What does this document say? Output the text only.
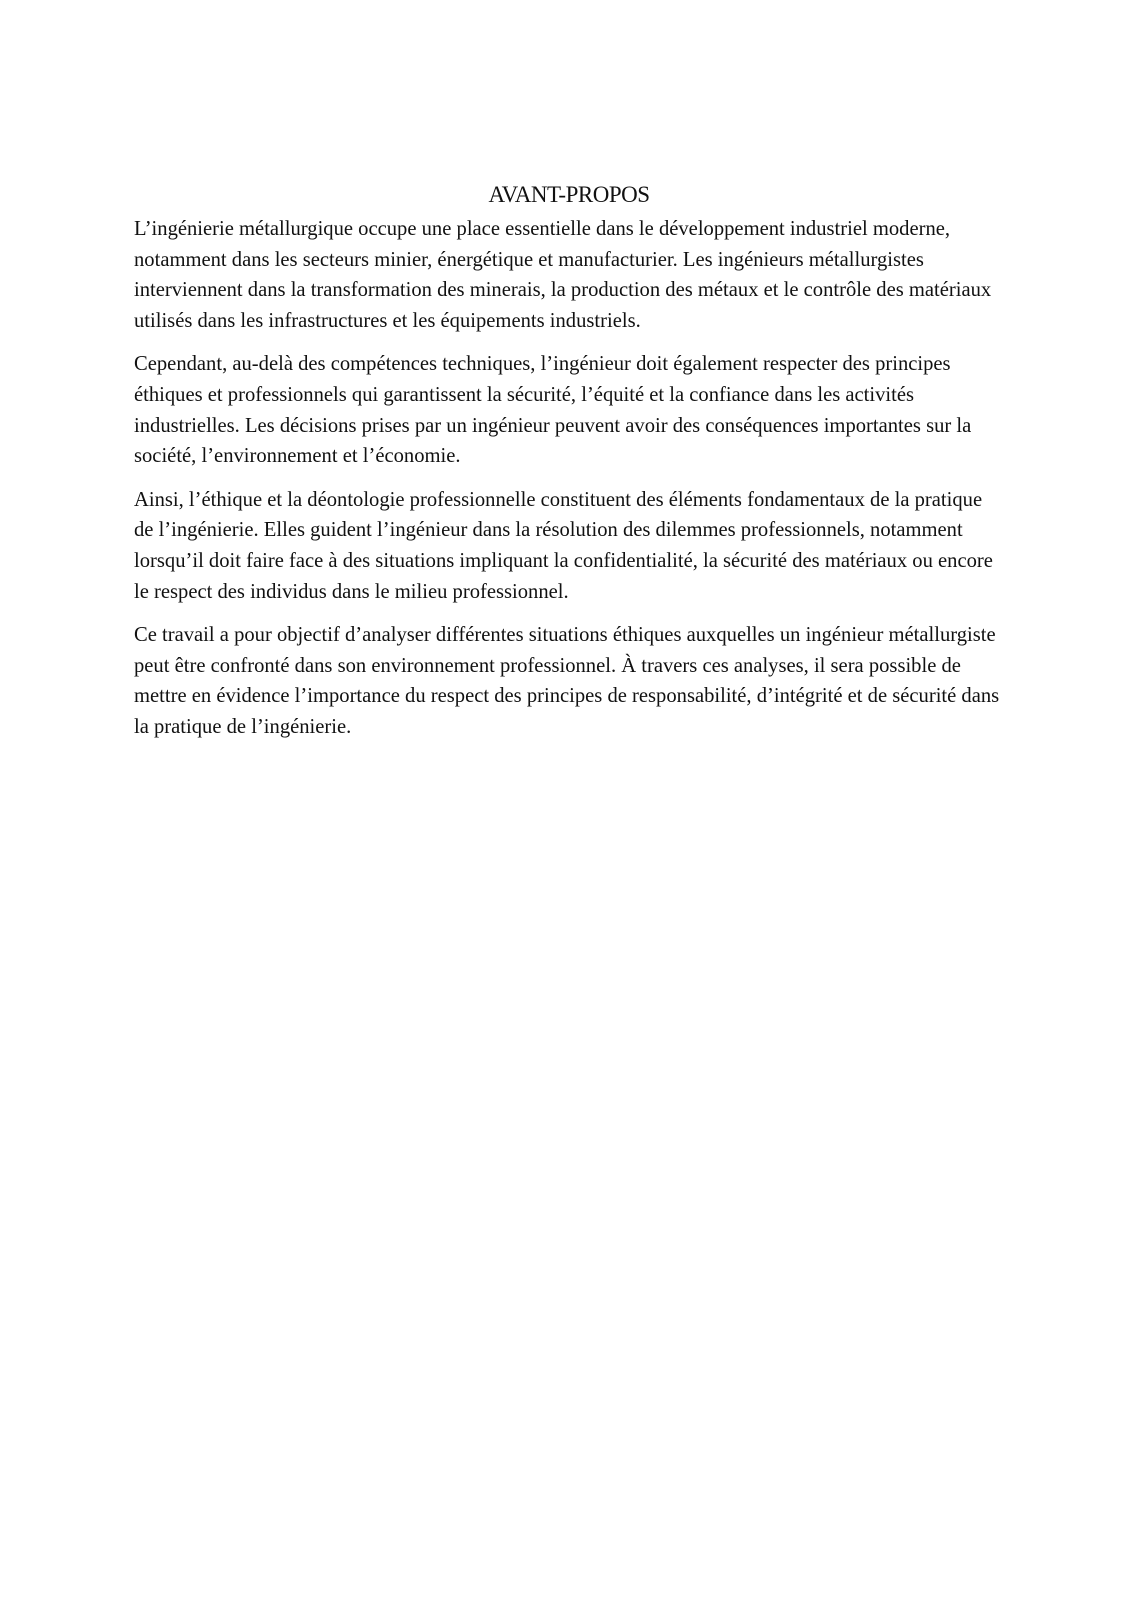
AVANT-PROPOS

L’ingénierie métallurgique occupe une place essentielle dans le développement industriel moderne, notamment dans les secteurs minier, énergétique et manufacturier. Les ingénieurs métallurgistes interviennent dans la transformation des minerais, la production des métaux et le contrôle des matériaux utilisés dans les infrastructures et les équipements industriels.

Cependant, au-delà des compétences techniques, l’ingénieur doit également respecter des principes éthiques et professionnels qui garantissent la sécurité, l’équité et la confiance dans les activités industrielles. Les décisions prises par un ingénieur peuvent avoir des conséquences importantes sur la société, l’environnement et l’économie.

Ainsi, l’éthique et la déontologie professionnelle constituent des éléments fondamentaux de la pratique de l’ingénierie. Elles guident l’ingénieur dans la résolution des dilemmes professionnels, notamment lorsqu’il doit faire face à des situations impliquant la confidentialité, la sécurité des matériaux ou encore le respect des individus dans le milieu professionnel.

Ce travail a pour objectif d’analyser différentes situations éthiques auxquelles un ingénieur métallurgiste peut être confronté dans son environnement professionnel. À travers ces analyses, il sera possible de mettre en évidence l’importance du respect des principes de responsabilité, d’intégrité et de sécurité dans la pratique de l’ingénierie.
